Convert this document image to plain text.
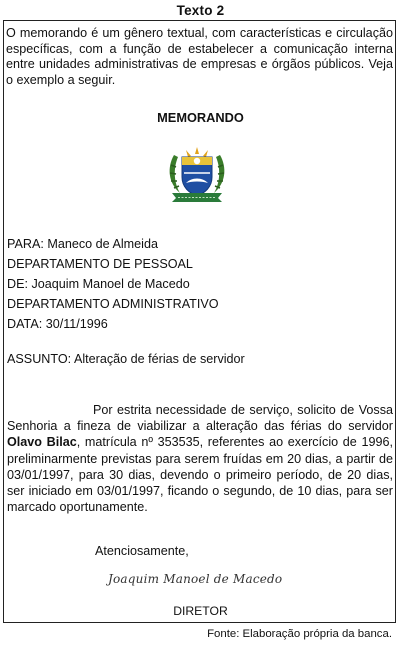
Texto 2

O memorando é um gênero textual, com características e circulação específicas, com a função de estabelecer a comunicação interna entre unidades administrativas de empresas e órgãos públicos. Veja o exemplo a seguir.

MEMORANDO
PARA: Maneco de Almeida
DEPARTAMENTO DE PESSOAL
DE: Joaquim Manoel de Macedo
DEPARTAMENTO ADMINISTRATIVO
DATA: 30/11/1996
ASSUNTO: Alteração de férias de servidor

Por estrita necessidade de serviço, solicito de Vossa Senhoria a fineza de viabilizar a alteração das férias do servidor Olavo Bilac, matrícula nº 353535, referentes ao exercício de 1996, preliminarmente previstas para serem fruídas em 20 dias, a partir de 03/01/1997, para 30 dias, devendo o primeiro período, de 20 dias, ser iniciado em 03/01/1997, ficando o segundo, de 10 dias, para ser marcado oportunamente.

Atenciosamente,
Joaquim Manoel de Macedo
DIRETOR
Fonte: Elaboração própria da banca.
